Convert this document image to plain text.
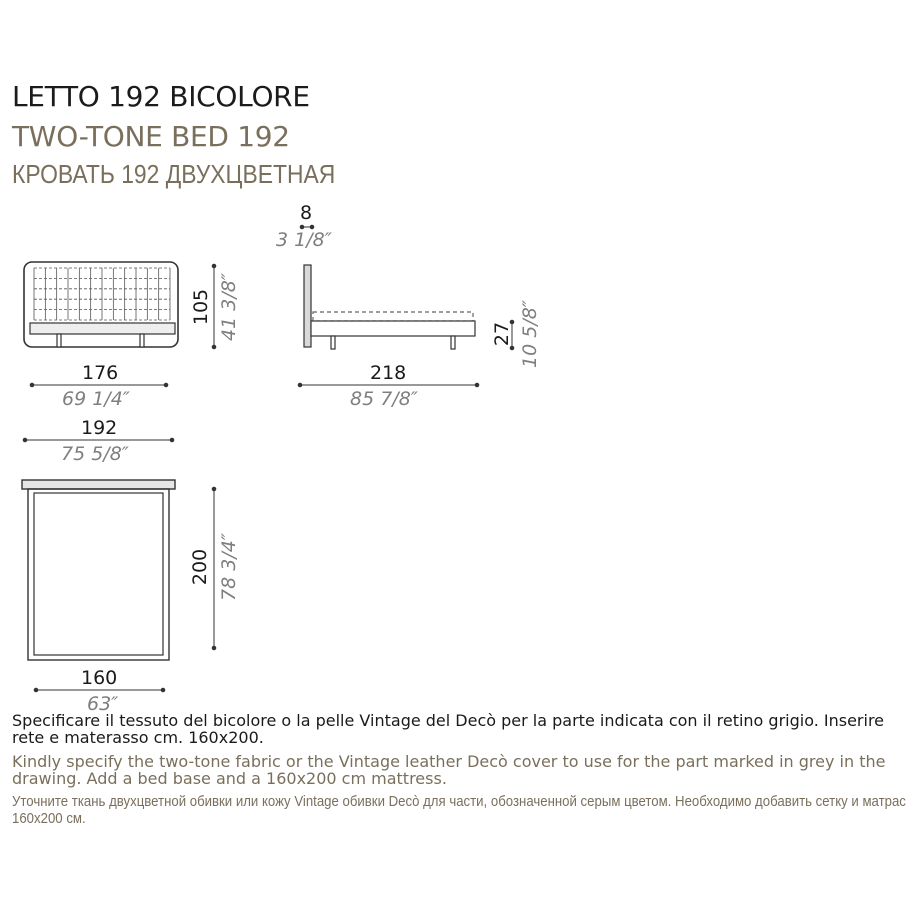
LETTO 192 BICOLORE
TWO-TONE BED 192
КРОВАТЬ 192 ДВУХЦВЕТНАЯ
8
3 1/8″
176
69 1/4″
218
85 7/8″
105 41 3/8″	27 10 5/8″
192
75 5/8″
200 78 3/4″
160
63″
Specificare il tessuto del bicolore o la pelle Vintage del Decò per la parte indicata con il retino grigio. Inserire rete e materasso cm. 160x200.
Kindly specify the two-tone fabric or the Vintage leather Decò cover to use for the part marked in grey in the drawing. Add a bed base and a 160x200 cm mattress.
Уточните ткань двухцветной обивки или кожу Vintage обивки Decò для части, обозначенной серым цветом. Необходимо добавить сетку и матрас 160x200 см.
